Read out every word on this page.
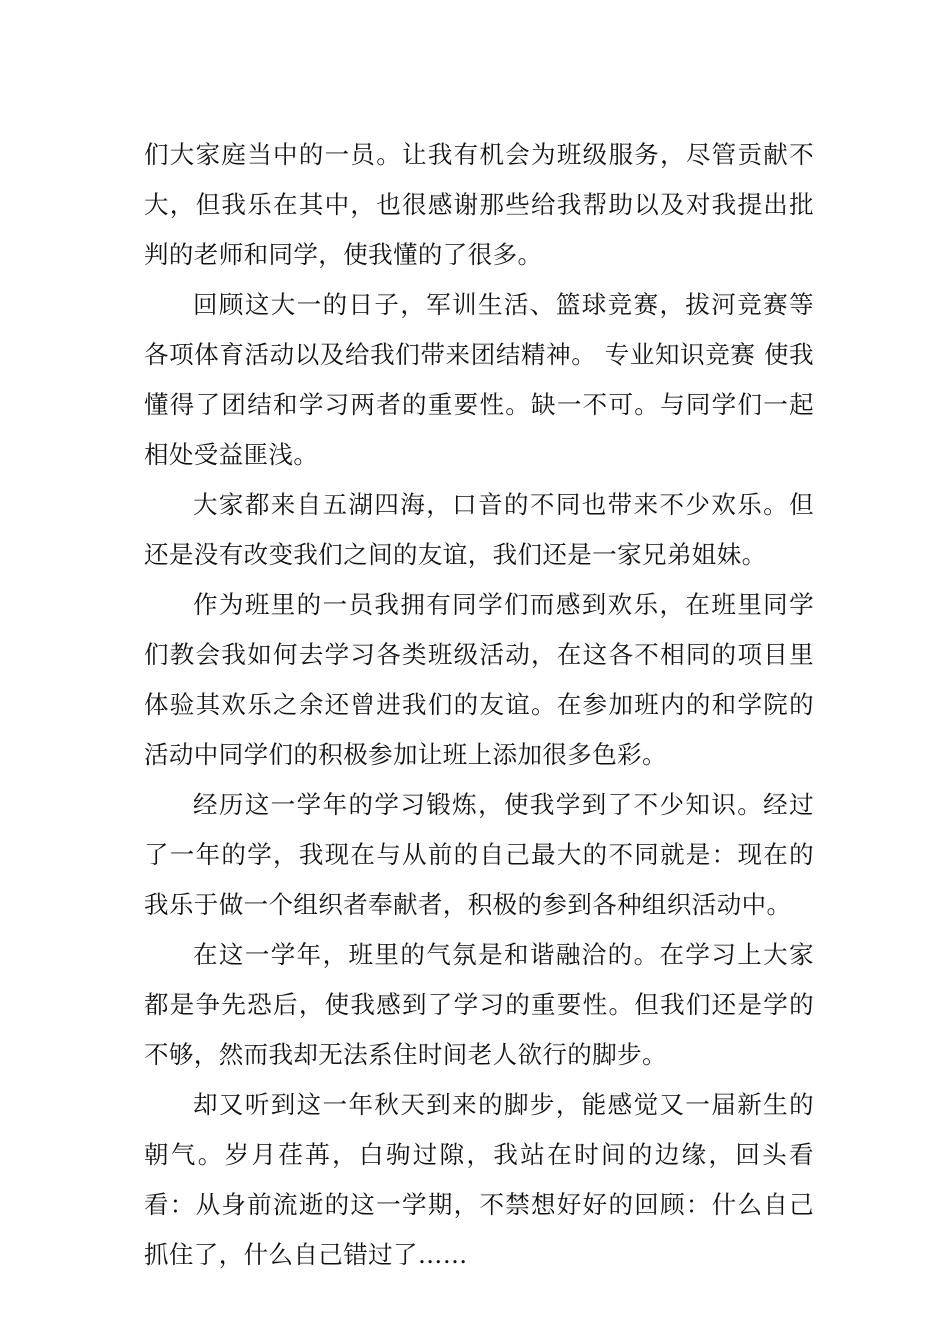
们大家庭当中的一员。让我有机会为班级服务，尽管贡献不大，但我乐在其中，也很感谢那些给我帮助以及对我提出批判的老师和同学，使我懂的了很多。

回顾这大一的日子，军训生活、篮球竞赛，拔河竞赛等各项体育活动以及给我们带来团结精神。 专业知识竞赛 使我懂得了团结和学习两者的重要性。缺一不可。与同学们一起相处受益匪浅。

大家都来自五湖四海，口音的不同也带来不少欢乐。但还是没有改变我们之间的友谊，我们还是一家兄弟姐妹。

作为班里的一员我拥有同学们而感到欢乐，在班里同学们教会我如何去学习各类班级活动，在这各不相同的项目里体验其欢乐之余还曾进我们的友谊。在参加班内的和学院的活动中同学们的积极参加让班上添加很多色彩。

经历这一学年的学习锻炼，使我学到了不少知识。经过了一年的学，我现在与从前的自己最大的不同就是：现在的我乐于做一个组织者奉献者，积极的参到各种组织活动中。

在这一学年，班里的气氛是和谐融洽的。在学习上大家都是争先恐后，使我感到了学习的重要性。但我们还是学的不够，然而我却无法系住时间老人欲行的脚步。

却又听到这一年秋天到来的脚步，能感觉又一届新生的朝气。岁月荏苒，白驹过隙，我站在时间的边缘，回头看看：从身前流逝的这一学期，不禁想好好的回顾：什么自己抓住了，什么自己错过了……
